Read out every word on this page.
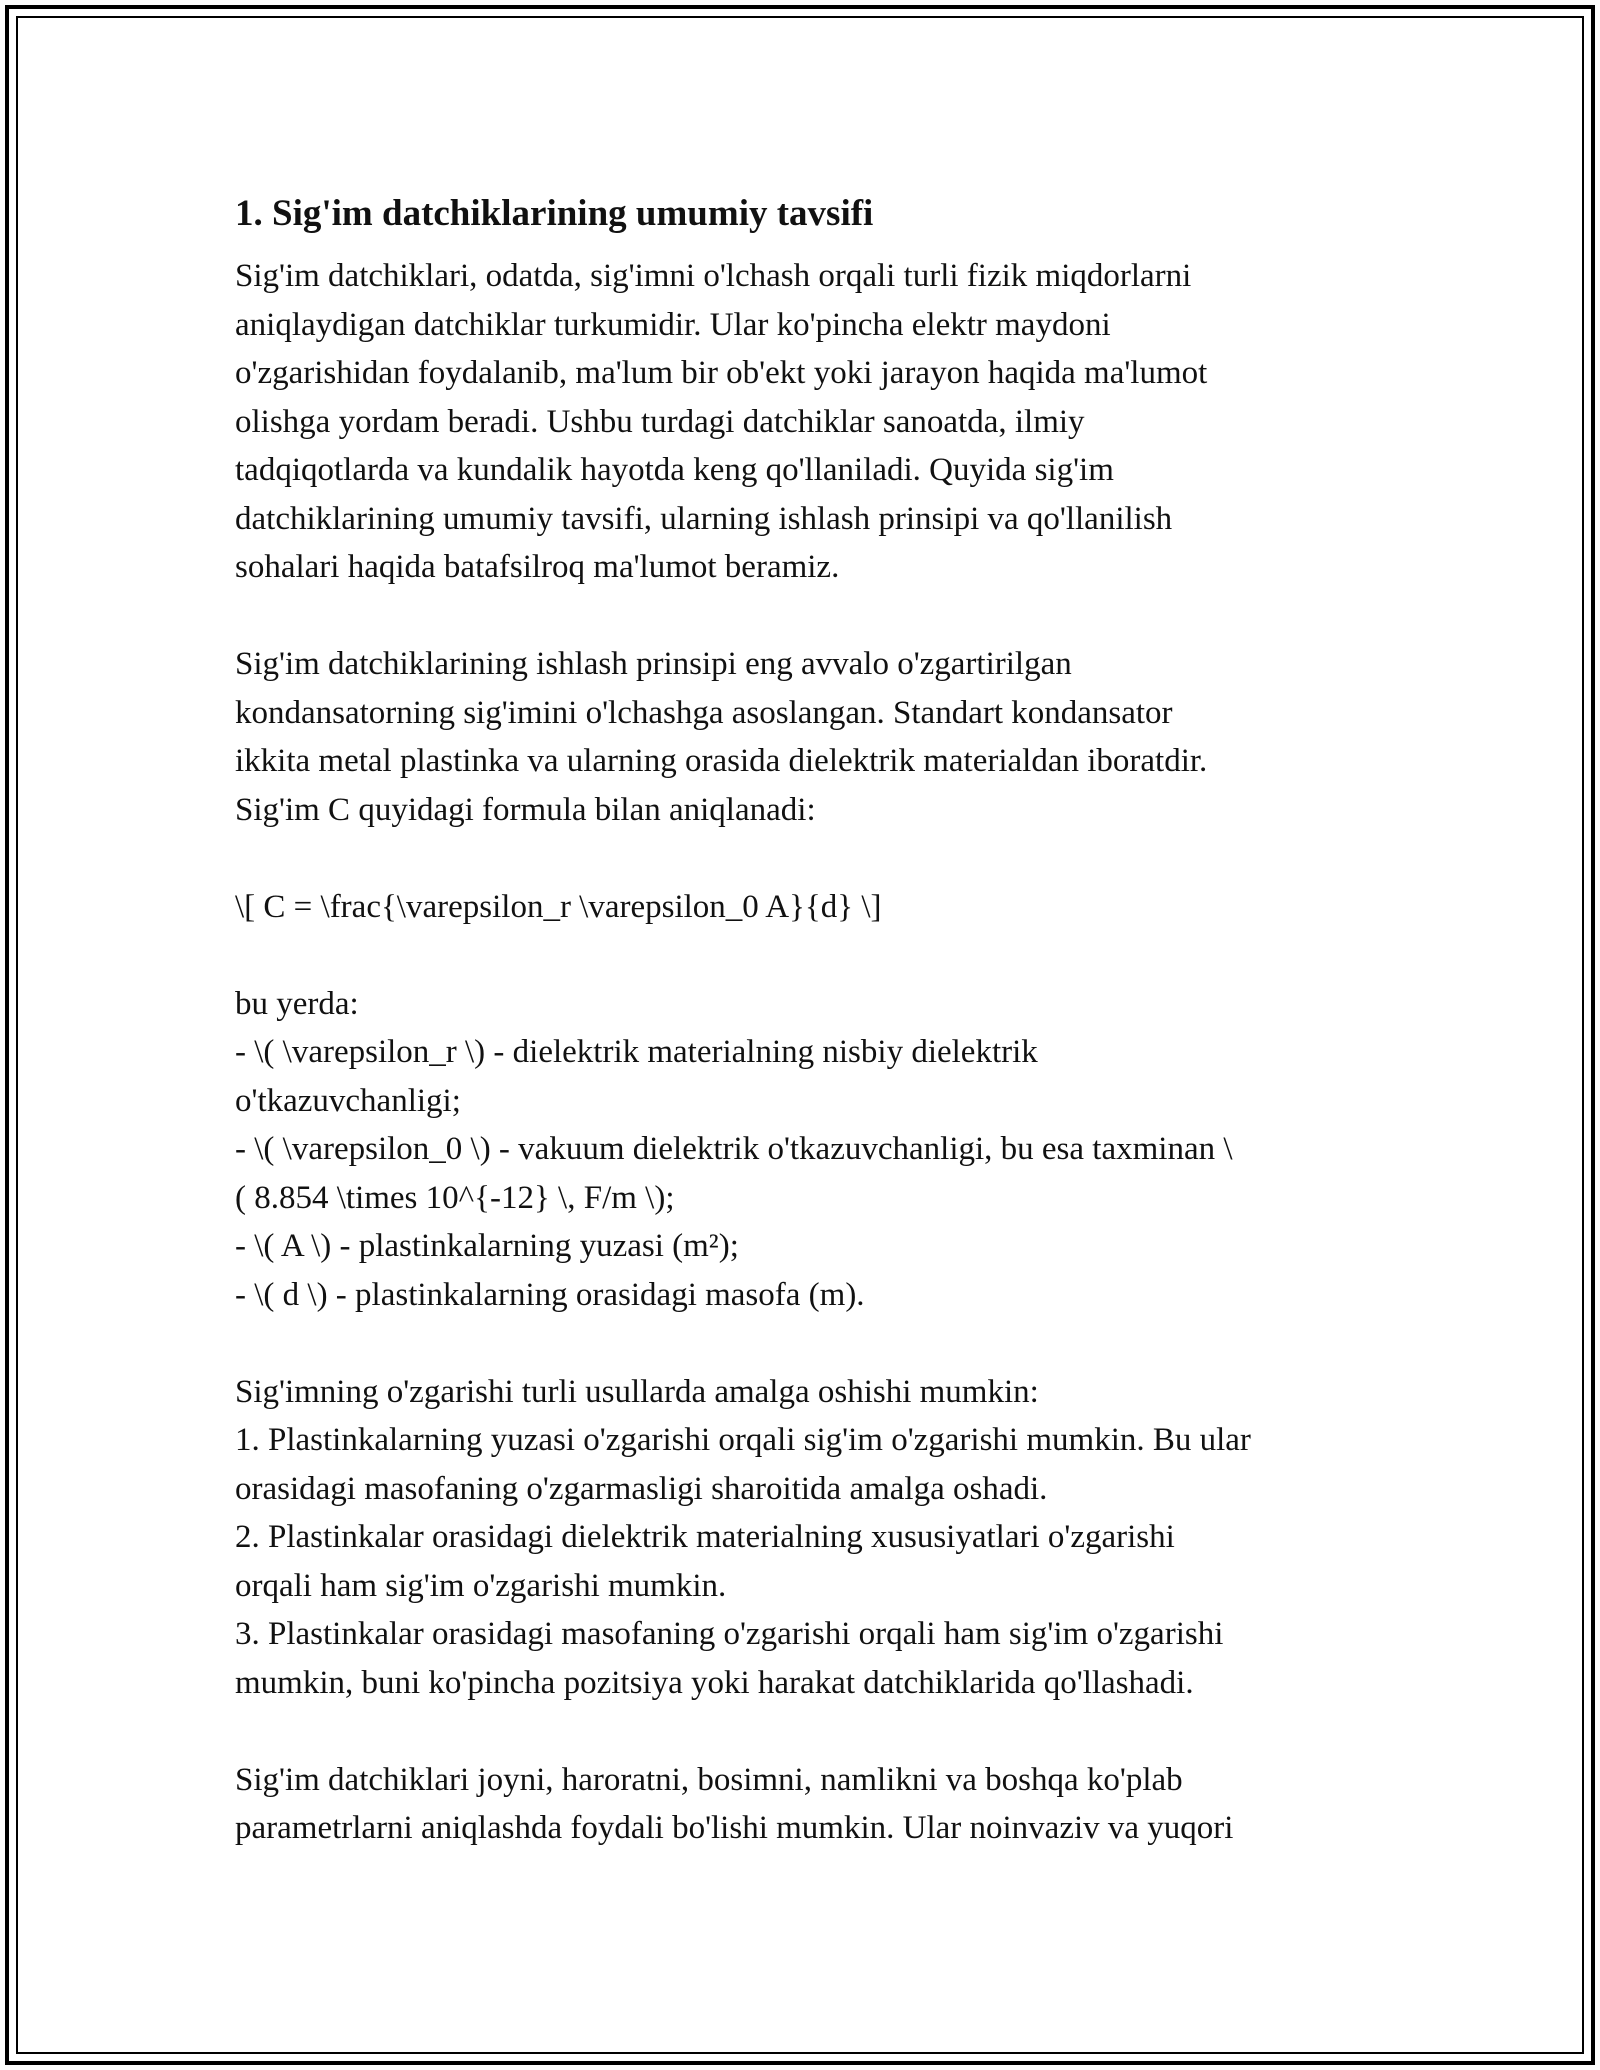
1. Sig'im datchiklarining umumiy tavsifi
Sig'im datchiklari, odatda, sig'imni o'lchash orqali turli fizik miqdorlarni
aniqlaydigan datchiklar turkumidir. Ular ko'pincha elektr maydoni
o'zgarishidan foydalanib, ma'lum bir ob'ekt yoki jarayon haqida ma'lumot
olishga yordam beradi. Ushbu turdagi datchiklar sanoatda, ilmiy
tadqiqotlarda va kundalik hayotda keng qo'llaniladi. Quyida sig'im
datchiklarining umumiy tavsifi, ularning ishlash prinsipi va qo'llanilish
sohalari haqida batafsilroq ma'lumot beramiz.
Sig'im datchiklarining ishlash prinsipi eng avvalo o'zgartirilgan
kondansatorning sig'imini o'lchashga asoslangan. Standart kondansator
ikkita metal plastinka va ularning orasida dielektrik materialdan iboratdir.
Sig'im C quyidagi formula bilan aniqlanadi:
\[ C = \frac{\varepsilon_r \varepsilon_0 A}{d} \]
bu yerda:
- \( \varepsilon_r \) - dielektrik materialning nisbiy dielektrik
o'tkazuvchanligi;
- \( \varepsilon_0 \) - vakuum dielektrik o'tkazuvchanligi, bu esa taxminan \
( 8.854 \times 10^{-12} \, F/m \);
- \( A \) - plastinkalarning yuzasi (m²);
- \( d \) - plastinkalarning orasidagi masofa (m).
Sig'imning o'zgarishi turli usullarda amalga oshishi mumkin:
1. Plastinkalarning yuzasi o'zgarishi orqali sig'im o'zgarishi mumkin. Bu ular
orasidagi masofaning o'zgarmasligi sharoitida amalga oshadi.
2. Plastinkalar orasidagi dielektrik materialning xususiyatlari o'zgarishi
orqali ham sig'im o'zgarishi mumkin.
3. Plastinkalar orasidagi masofaning o'zgarishi orqali ham sig'im o'zgarishi
mumkin, buni ko'pincha pozitsiya yoki harakat datchiklarida qo'llashadi.
Sig'im datchiklari joyni, haroratni, bosimni, namlikni va boshqa ko'plab
parametrlarni aniqlashda foydali bo'lishi mumkin. Ular noinvaziv va yuqori
